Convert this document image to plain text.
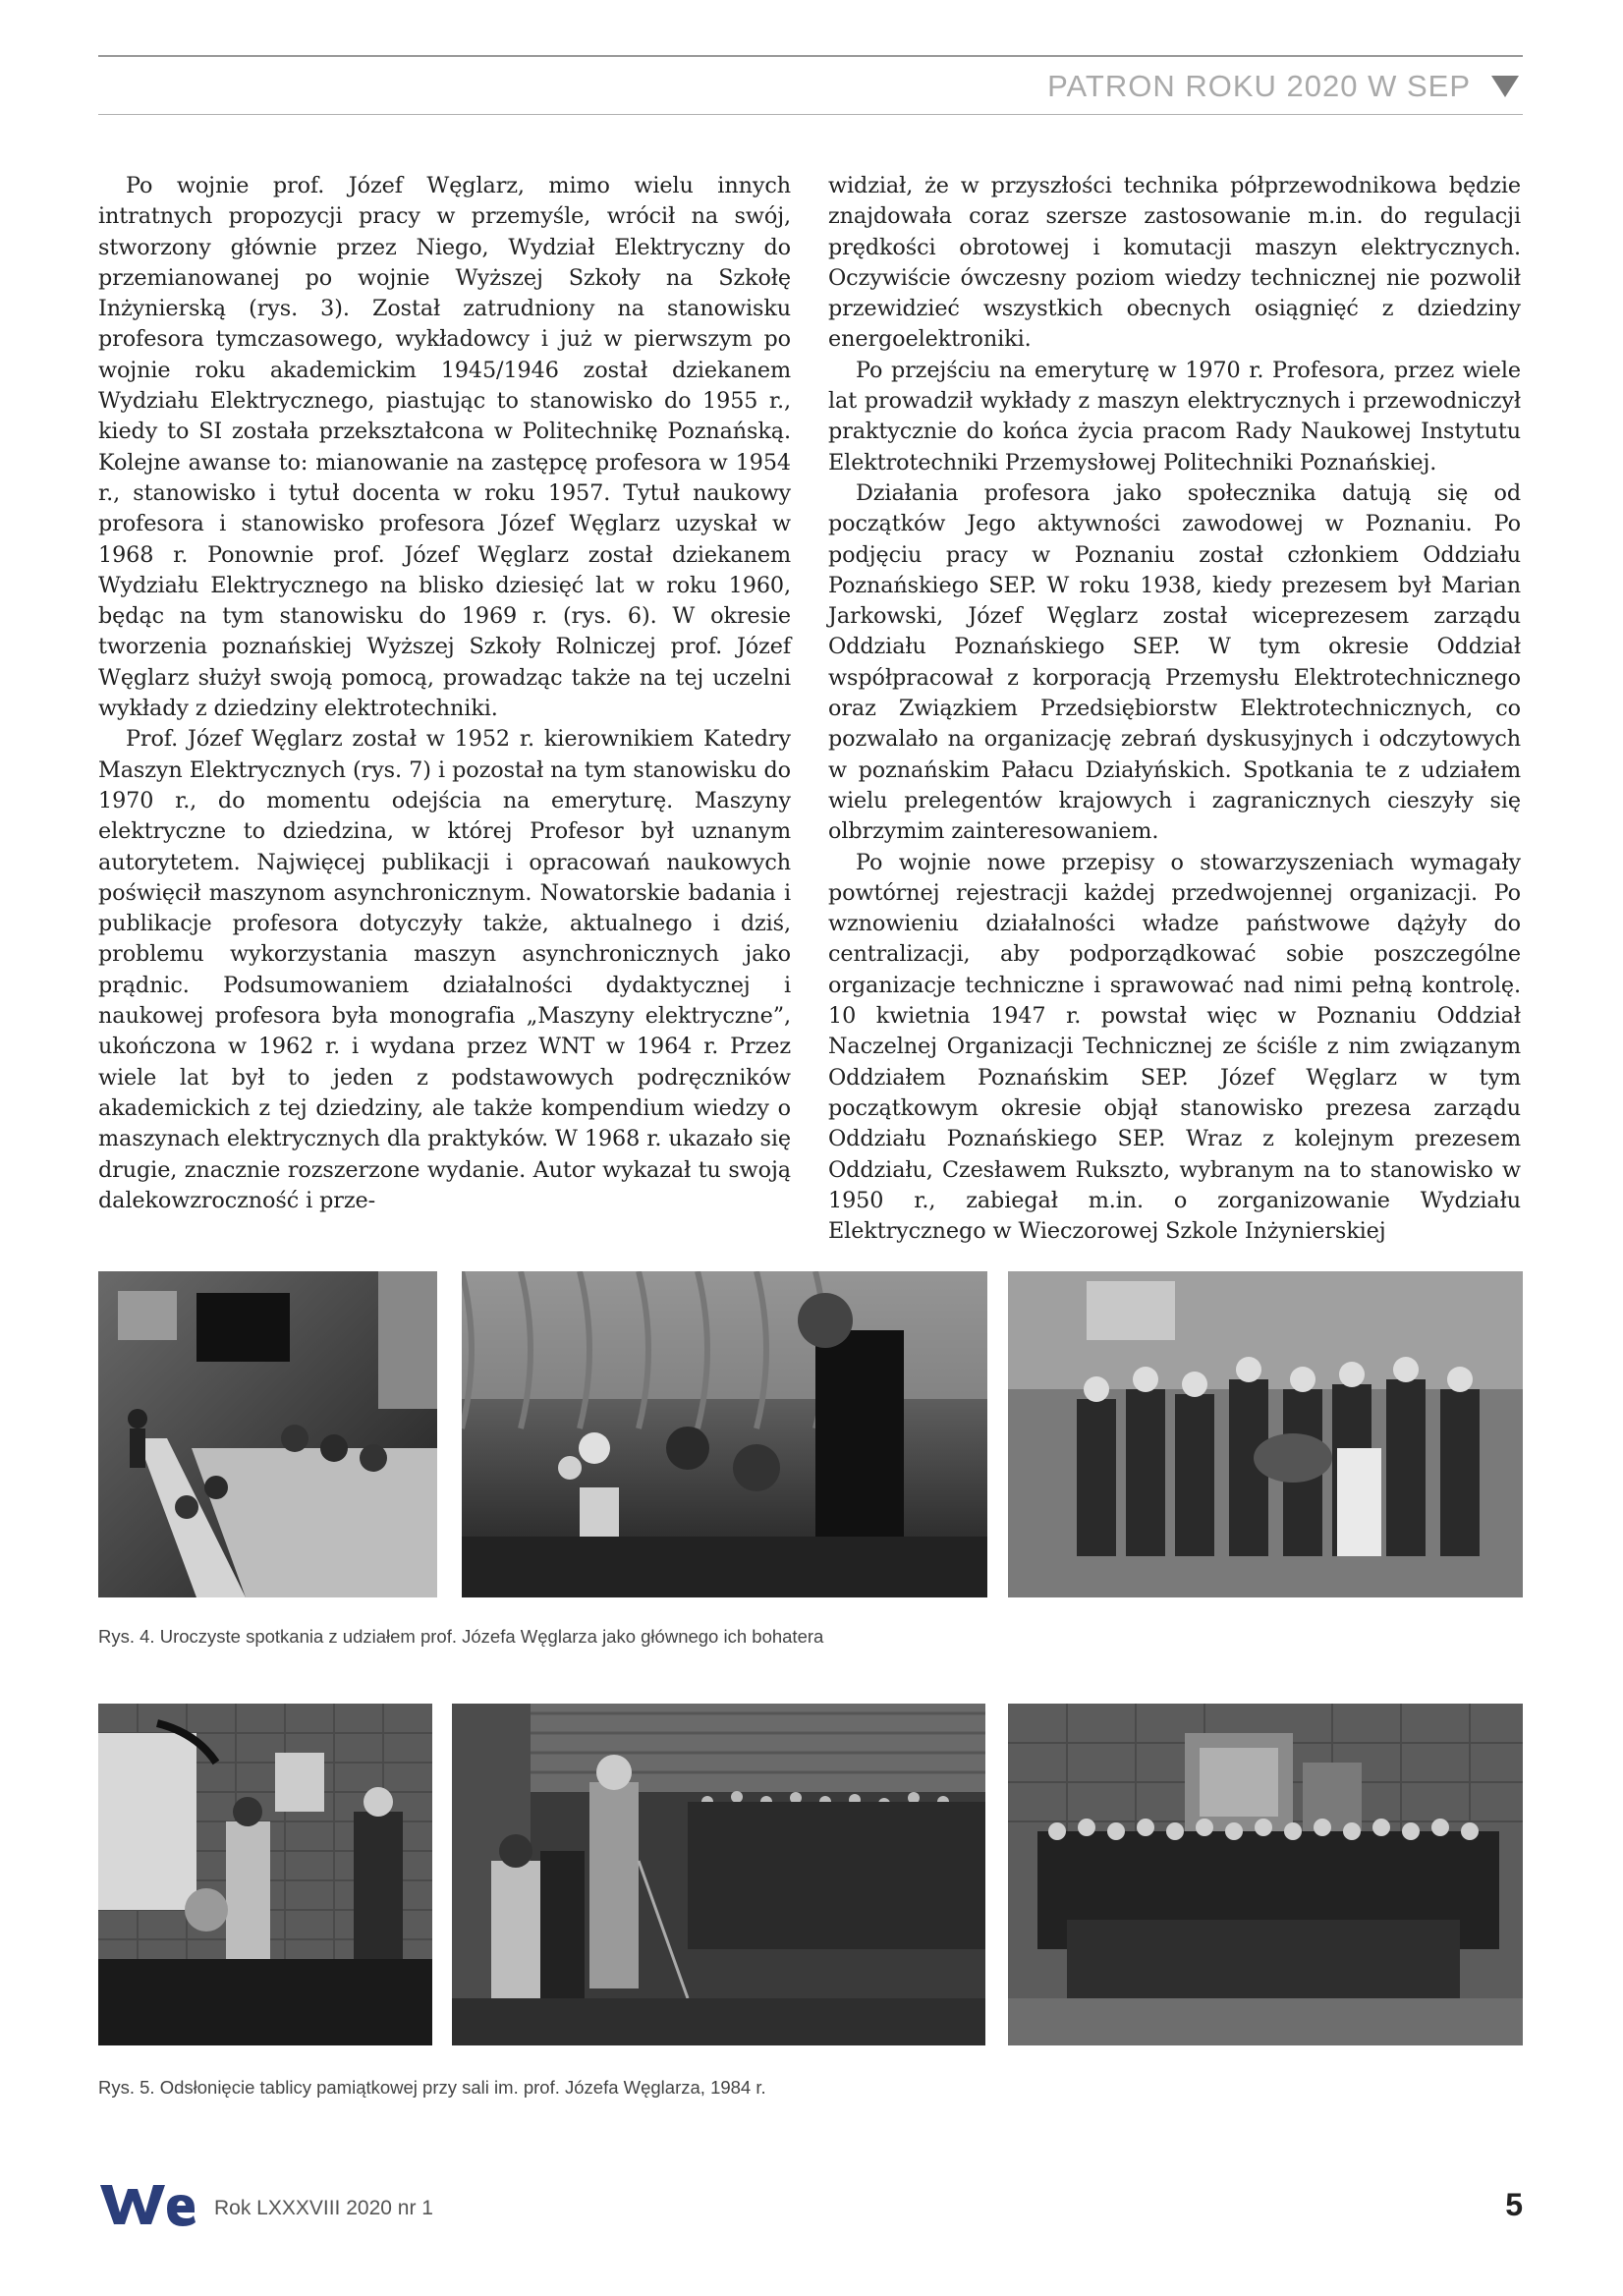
PATRON ROKU 2020 W SEP

Po wojnie prof. Józef Węglarz, mimo wielu innych intratnych propozycji pracy w przemyśle, wrócił na swój, stworzony głównie przez Niego, Wydział Elektryczny do przemianowanej po wojnie Wyższej Szkoły na Szkołę Inżynierską (rys. 3). Został zatrudniony na stanowisku profesora tymczasowego, wykładowcy i już w pierwszym po wojnie roku akademickim 1945/1946 został dziekanem Wydziału Elektrycznego, piastując to stanowisko do 1955 r., kiedy to SI została przekształcona w Politechnikę Poznańską. Kolejne awanse to: mianowanie na zastępcę profesora w 1954 r., stanowisko i tytuł docenta w roku 1957. Tytuł naukowy profesora i stanowisko profesora Józef Węglarz uzyskał w 1968 r. Ponownie prof. Józef Węglarz został dziekanem Wydziału Elektrycznego na blisko dziesięć lat w roku 1960, będąc na tym stanowisku do 1969 r. (rys. 6). W okresie tworzenia poznańskiej Wyższej Szkoły Rolniczej prof. Józef Węglarz służył swoją pomocą, prowadząc także na tej uczelni wykłady z dziedziny elektrotechniki.

Prof. Józef Węglarz został w 1952 r. kierownikiem Katedry Maszyn Elektrycznych (rys. 7) i pozostał na tym stanowisku do 1970 r., do momentu odejścia na emeryturę. Maszyny elektryczne to dziedzina, w której Profesor był uznanym autorytetem. Najwięcej publikacji i opracowań naukowych poświęcił maszynom asynchronicznym. Nowatorskie badania i publikacje profesora dotyczyły także, aktualnego i dziś, problemu wykorzystania maszyn asynchronicznych jako prądnic. Podsumowaniem działalności dydaktycznej i naukowej profesora była monografia „Maszyny elektryczne”, ukończona w 1962 r. i wydana przez WNT w 1964 r. Przez wiele lat był to jeden z podstawowych podręczników akademickich z tej dziedziny, ale także kompendium wiedzy o maszynach elektrycznych dla praktyków. W 1968 r. ukazało się drugie, znacznie rozszerzone wydanie. Autor wykazał tu swoją dalekowzroczność i prze-

widział, że w przyszłości technika półprzewodnikowa będzie znajdowała coraz szersze zastosowanie m.in. do regulacji prędkości obrotowej i komutacji maszyn elektrycznych. Oczywiście ówczesny poziom wiedzy technicznej nie pozwolił przewidzieć wszystkich obecnych osiągnięć z dziedziny energoelektroniki.

Po przejściu na emeryturę w 1970 r. Profesora, przez wiele lat prowadził wykłady z maszyn elektrycznych i przewodniczył praktycznie do końca życia pracom Rady Naukowej Instytutu Elektrotechniki Przemysłowej Politechniki Poznańskiej.

Działania profesora jako społecznika datują się od początków Jego aktywności zawodowej w Poznaniu. Po podjęciu pracy w Poznaniu został członkiem Oddziału Poznańskiego SEP. W roku 1938, kiedy prezesem był Marian Jarkowski, Józef Węglarz został wiceprezesem zarządu Oddziału Poznańskiego SEP. W tym okresie Oddział współpracował z korporacją Przemysłu Elektrotechnicznego oraz Związkiem Przedsiębiorstw Elektrotechnicznych, co pozwalało na organizację zebrań dyskusyjnych i odczytowych w poznańskim Pałacu Działyńskich. Spotkania te z udziałem wielu prelegentów krajowych i zagranicznych cieszyły się olbrzymim zainteresowaniem.

Po wojnie nowe przepisy o stowarzyszeniach wymagały powtórnej rejestracji każdej przedwojennej organizacji. Po wznowieniu działalności władze państwowe dążyły do centralizacji, aby podporządkować sobie poszczególne organizacje techniczne i sprawować nad nimi pełną kontrolę. 10 kwietnia 1947 r. powstał więc w Poznaniu Oddział Naczelnej Organizacji Technicznej ze ściśle z nim związanym Oddziałem Poznańskim SEP. Józef Węglarz w tym początkowym okresie objął stanowisko prezesa zarządu Oddziału Poznańskiego SEP. Wraz z kolejnym prezesem Oddziału, Czesławem Rukszto, wybranym na to stanowisko w 1950 r., zabiegał m.in. o zorganizowanie Wydziału Elektrycznego w Wieczorowej Szkole Inżynierskiej

Rys. 4. Uroczyste spotkania z udziałem prof. Józefa Węglarza jako głównego ich bohatera
Rys. 5. Odsłonięcie tablicy pamiątkowej przy sali im. prof. Józefa Węglarza, 1984 r.
Rok LXXXVIII 2020 nr 1	5
